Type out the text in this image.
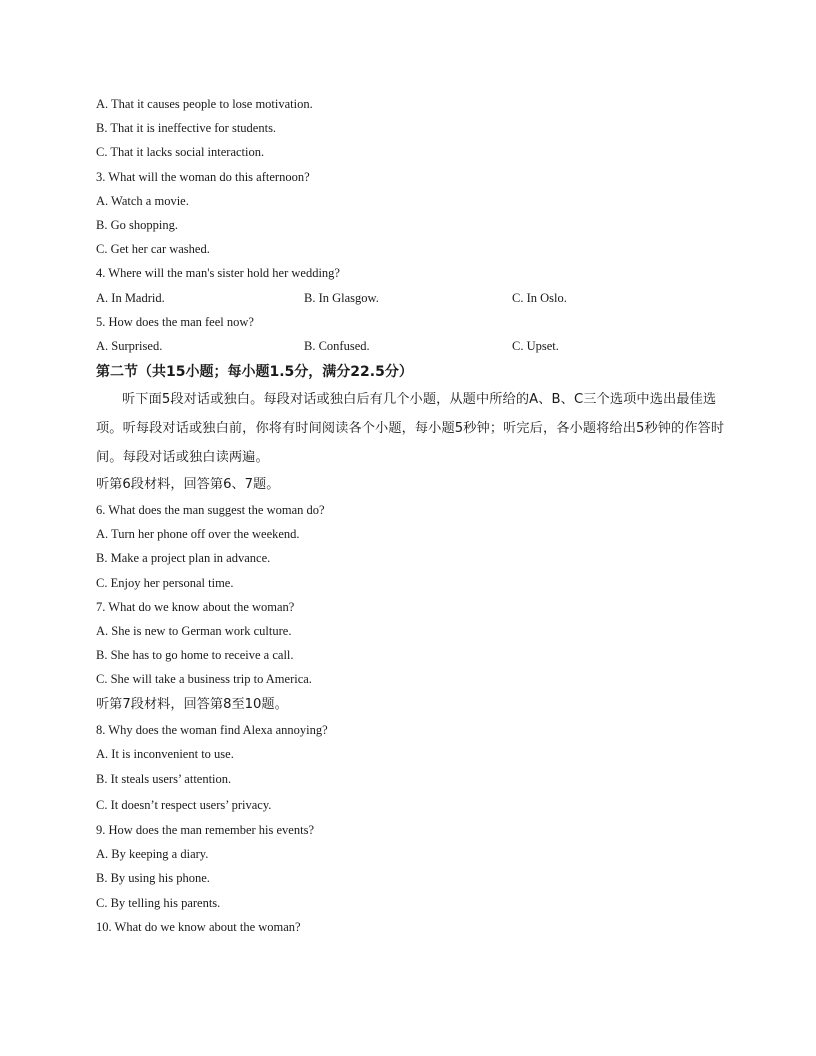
A. That it causes people to lose motivation.
B. That it is ineffective for students.
C. That it lacks social interaction.
3. What will the woman do this afternoon?
A. Watch a movie.
B. Go shopping.
C. Get her car washed.
4. Where will the man's sister hold her wedding?
A. In Madrid.	B. In Glasgow.	C. In Oslo.
5. How does the man feel now?
A. Surprised.	B. Confused.	C. Upset.
第二节（共15小题；每小题1.5分，满分22.5分）
听下面5段对话或独白。每段对话或独白后有几个小题，从题中所给的A、B、C三个选项中选出最佳选项。听每段对话或独白前，你将有时间阅读各个小题，每小题5秒钟；听完后，各小题将给出5秒钟的作答时间。每段对话或独白读两遍。
听第6段材料，回答第6、7题。
6. What does the man suggest the woman do?
A. Turn her phone off over the weekend.
B. Make a project plan in advance.
C. Enjoy her personal time.
7. What do we know about the woman?
A. She is new to German work culture.
B. She has to go home to receive a call.
C. She will take a business trip to America.
听第7段材料，回答第8至10题。
8. Why does the woman find Alexa annoying?
A. It is inconvenient to use.
B. It steals users’ attention.
C. It doesn’t respect users’ privacy.
9. How does the man remember his events?
A. By keeping a diary.
B. By using his phone.
C. By telling his parents.
10. What do we know about the woman?
